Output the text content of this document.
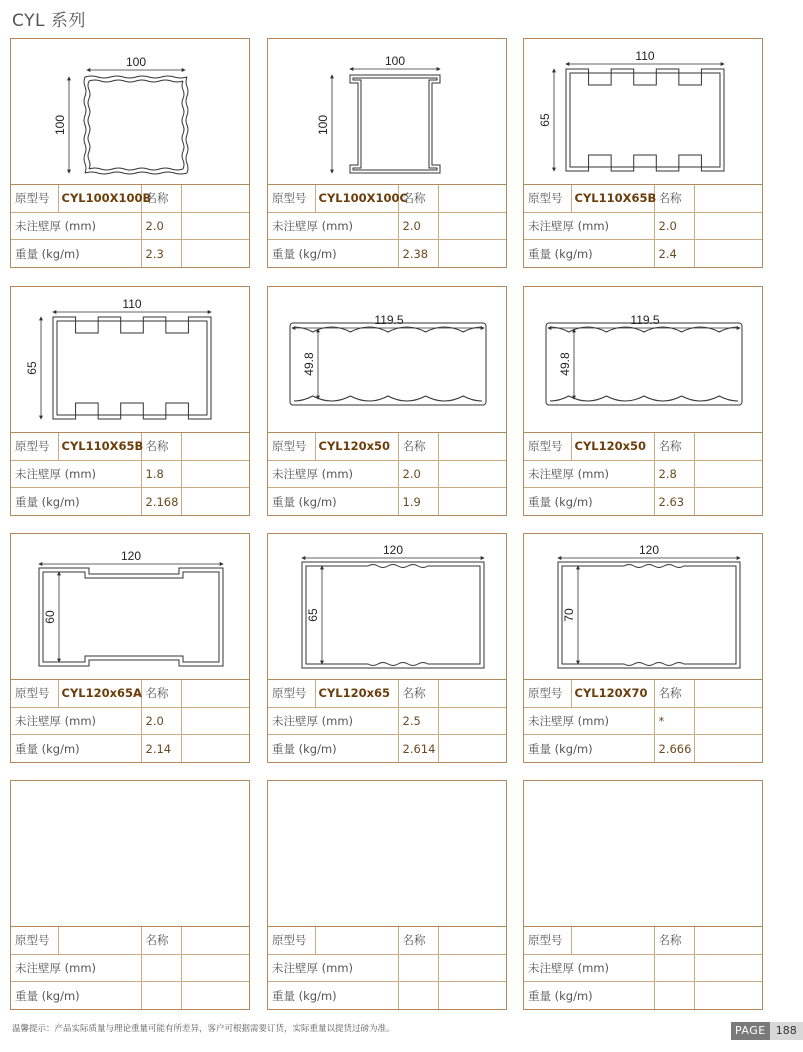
CYL 系列
100
100
原型号	CYL100X100B	名称	
未注壁厚 (mm)		2.0	
重量 (kg/m)		2.3	
100
100
原型号	CYL100X100C	名称	
未注壁厚 (mm)		2.0	
重量 (kg/m)		2.38	
110
65
原型号	CYL110X65B	名称	
未注壁厚 (mm)		2.0	
重量 (kg/m)		2.4	
110
65
原型号	CYL110X65B	名称	
未注壁厚 (mm)		1.8	
重量 (kg/m)		2.168	
119.5
49.8
原型号	CYL120x50	名称	
未注壁厚 (mm)		2.0	
重量 (kg/m)		1.9	
119.5
49.8
原型号	CYL120x50	名称	
未注壁厚 (mm)		2.8	
重量 (kg/m)		2.63	
120
60
原型号	CYL120x65A	名称	
未注壁厚 (mm)		2.0	
重量 (kg/m)		2.14	
120
65
原型号	CYL120x65	名称	
未注壁厚 (mm)		2.5	
重量 (kg/m)		2.614	
120
70
原型号	CYL120X70	名称	
未注壁厚 (mm)		*	
重量 (kg/m)		2.666	
原型号		名称	
未注壁厚 (mm)			
重量 (kg/m)			
原型号		名称	
未注壁厚 (mm)			
重量 (kg/m)			
原型号		名称	
未注壁厚 (mm)			
重量 (kg/m)			
温馨提示：产品实际质量与理论重量可能有所差异，客户可根据需要订货，实际重量以提货过磅为准。	PAGE 188
